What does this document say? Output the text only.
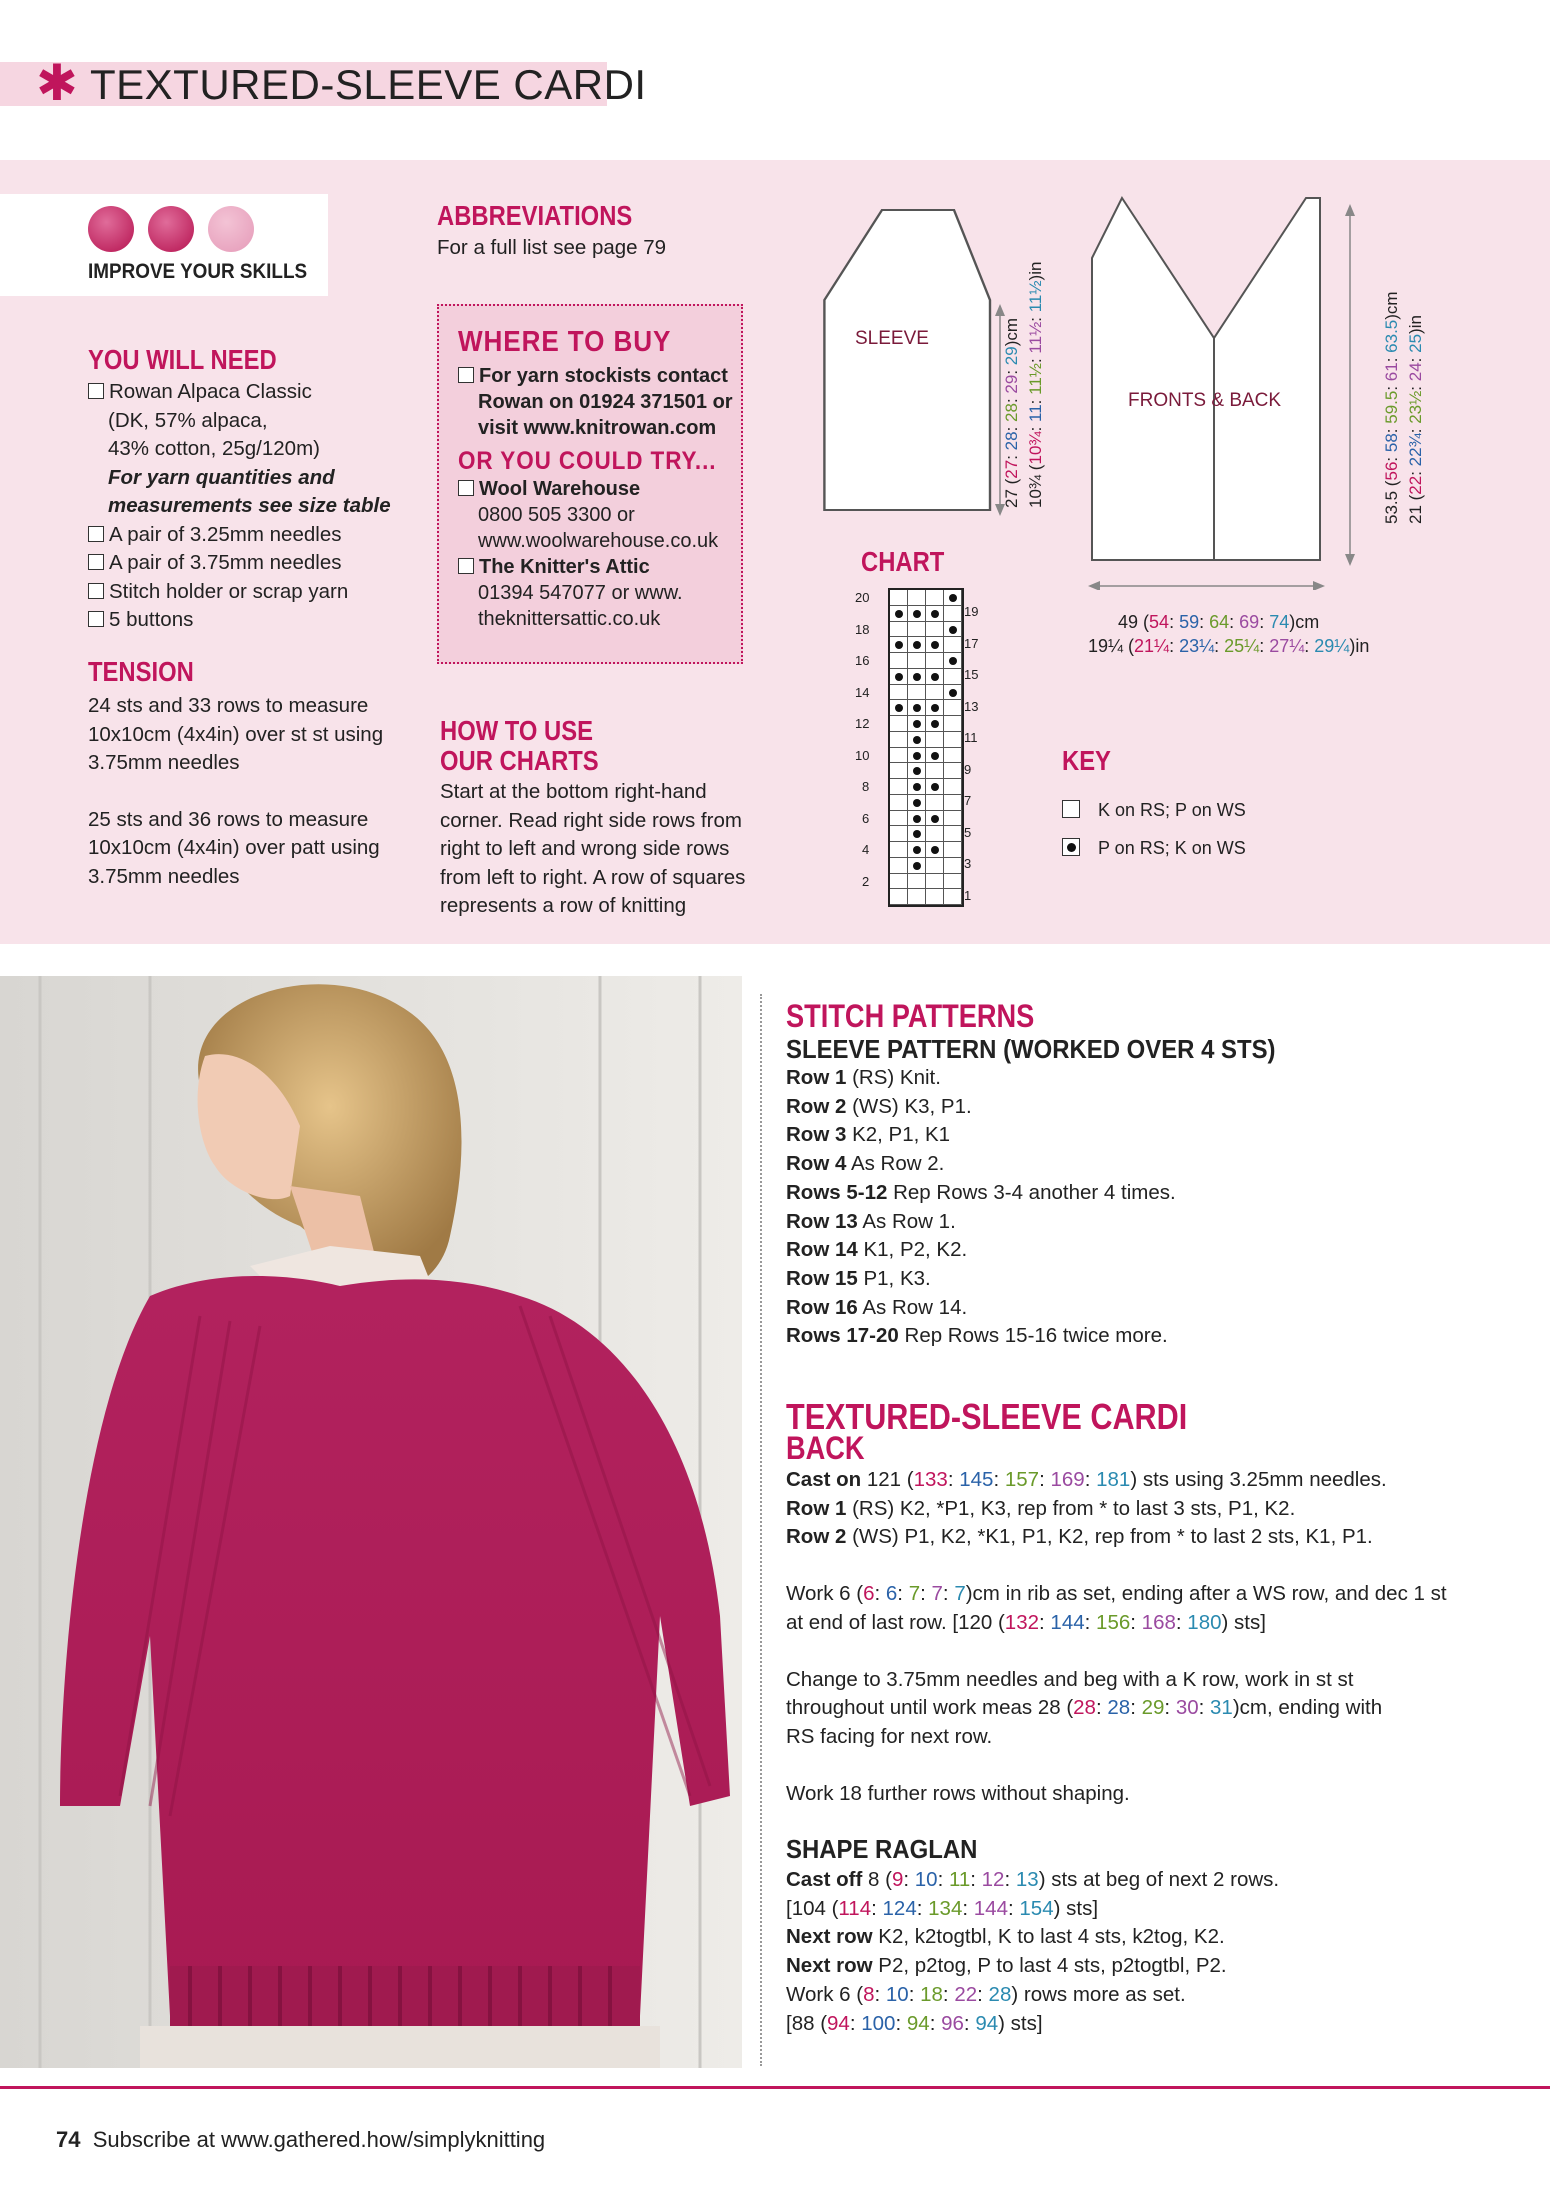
✱ TEXTURED-SLEEVE CARDI
IMPROVE YOUR SKILLS
YOU WILL NEED
Rowan Alpaca Classic
(DK, 57% alpaca,
43% cotton, 25g/120m)
For yarn quantities and
measurements see size table
A pair of 3.25mm needles
A pair of 3.75mm needles
Stitch holder or scrap yarn
5 buttons
TENSION
24 sts and 33 rows to measure
10x10cm (4x4in) over st st using
3.75mm needles
25 sts and 36 rows to measure
10x10cm (4x4in) over patt using
3.75mm needles
ABBREVIATIONS
For a full list see page 79
WHERE TO BUY
For yarn stockists contact
Rowan on 01924 371501 or
visit www.knitrowan.com
OR YOU COULD TRY...
Wool Warehouse
0800 505 3300 or
www.woolwarehouse.co.uk
The Knitter's Attic
01394 547077 or www.
theknittersattic.co.uk
HOW TO USE
OUR CHARTS
Start at the bottom right-hand
corner. Read right side rows from
right to left and wrong side rows
from left to right. A row of squares
represents a row of knitting
SLEEVE
FRONTS & BACK
27 (27: 28: 28: 29: 29)cm
10¾ (10¾: 11: 11½: 11½: 11½)in
53.5 (56: 58: 59.5: 61: 63.5)cm
21 (22: 22¾: 23½: 24: 25)in
49 (54: 59: 64: 69: 74)cm
19¼ (21¼: 23¼: 25¼: 27¼: 29¼)in
CHART
KEY
K on RS; P on WS
P on RS; K on WS
STITCH PATTERNS
SLEEVE PATTERN (WORKED OVER 4 STS)
Row 1 (RS) Knit.
Row 2 (WS) K3, P1.
Row 3 K2, P1, K1
Row 4 As Row 2.
Rows 5-12 Rep Rows 3-4 another 4 times.
Row 13 As Row 1.
Row 14 K1, P2, K2.
Row 15 P1, K3.
Row 16 As Row 14.
Rows 17-20 Rep Rows 15-16 twice more.
TEXTURED-SLEEVE CARDI
BACK
Cast on 121 (133: 145: 157: 169: 181) sts using 3.25mm needles.
Row 1 (RS) K2, *P1, K3, rep from * to last 3 sts, P1, K2.
Row 2 (WS) P1, K2, *K1, P1, K2, rep from * to last 2 sts, K1, P1.
Work 6 (6: 6: 7: 7: 7)cm in rib as set, ending after a WS row, and dec 1 st
at end of last row. [120 (132: 144: 156: 168: 180) sts]
Change to 3.75mm needles and beg with a K row, work in st st
throughout until work meas 28 (28: 28: 29: 30: 31)cm, ending with
RS facing for next row.
Work 18 further rows without shaping.
SHAPE RAGLAN
Cast off 8 (9: 10: 11: 12: 13) sts at beg of next 2 rows.
[104 (114: 124: 134: 144: 154) sts]
Next row K2, k2togtbl, K to last 4 sts, k2tog, K2.
Next row P2, p2tog, P to last 4 sts, p2togtbl, P2.
Work 6 (8: 10: 18: 22: 28) rows more as set.
[88 (94: 100: 94: 96: 94) sts]
74 Subscribe at www.gathered.how/simplyknitting
20
18
16
14
12
10
8
6
4
2
19
17
15
13
11
9
7
5
3
1
